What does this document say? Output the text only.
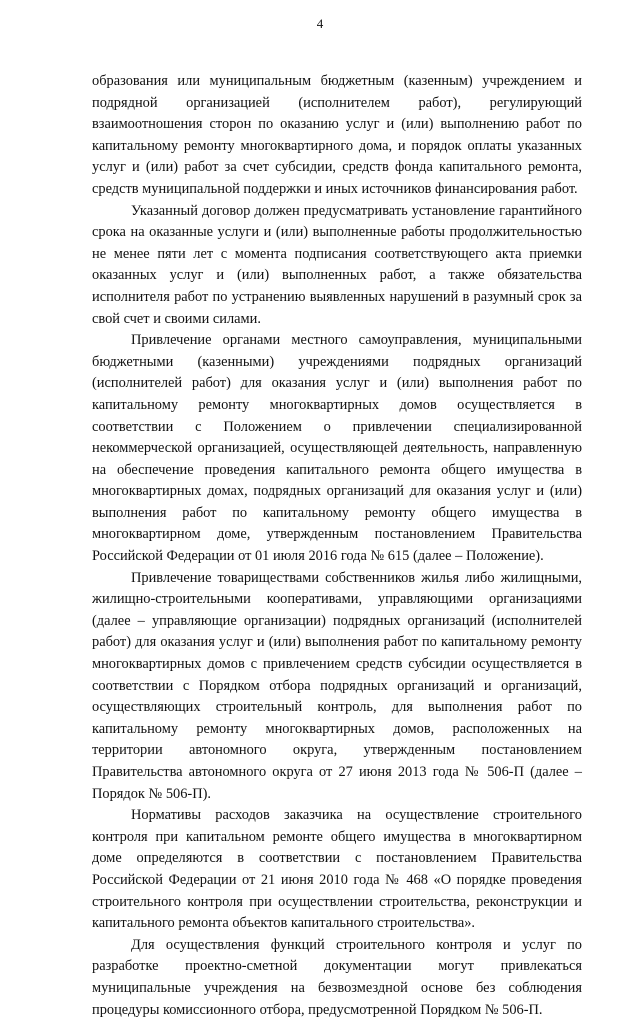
4

образования или муниципальным бюджетным (казенным) учреждением и подрядной организацией (исполнителем работ), регулирующий взаимоотношения сторон по оказанию услуг и (или) выполнению работ по капитальному ремонту многоквартирного дома, и порядок оплаты указанных услуг и (или) работ за счет субсидии, средств фонда капитального ремонта, средств муниципальной поддержки и иных источников финансирования работ.

Указанный договор должен предусматривать установление гарантийного срока на оказанные услуги и (или) выполненные работы продолжительностью не менее пяти лет с момента подписания соответствующего акта приемки оказанных услуг и (или) выполненных работ, а также обязательства исполнителя работ по устранению выявленных нарушений в разумный срок за свой счет и своими силами.

Привлечение органами местного самоуправления, муниципальными бюджетными (казенными) учреждениями подрядных организаций (исполнителей работ) для оказания услуг и (или) выполнения работ по капитальному ремонту многоквартирных домов осуществляется в соответствии с Положением о привлечении специализированной некоммерческой организацией, осуществляющей деятельность, направленную на обеспечение проведения капитального ремонта общего имущества в многоквартирных домах, подрядных организаций для оказания услуг и (или) выполнения работ по капитальному ремонту общего имущества в многоквартирном доме, утвержденным постановлением Правительства Российской Федерации от 01 июля 2016 года № 615 (далее – Положение).

Привлечение товариществами собственников жилья либо жилищными, жилищно-строительными кооперативами, управляющими организациями (далее – управляющие организации) подрядных организаций (исполнителей работ) для оказания услуг и (или) выполнения работ по капитальному ремонту многоквартирных домов с привлечением средств субсидии осуществляется в соответствии с Порядком отбора подрядных организаций и организаций, осуществляющих строительный контроль, для выполнения работ по капитальному ремонту многоквартирных домов, расположенных на территории автономного округа, утвержденным постановлением Правительства автономного округа от 27 июня 2013 года № 506-П (далее – Порядок № 506-П).

Нормативы расходов заказчика на осуществление строительного контроля при капитальном ремонте общего имущества в многоквартирном доме определяются в соответствии с постановлением Правительства Российской Федерации от 21 июня 2010 года № 468 «О порядке проведения строительного контроля при осуществлении строительства, реконструкции и капитального ремонта объектов капитального строительства».

Для осуществления функций строительного контроля и услуг по разработке проектно-сметной документации могут привлекаться муниципальные учреждения на безвозмездной основе без соблюдения процедуры комиссионного отбора, предусмотренной Порядком № 506-П.
